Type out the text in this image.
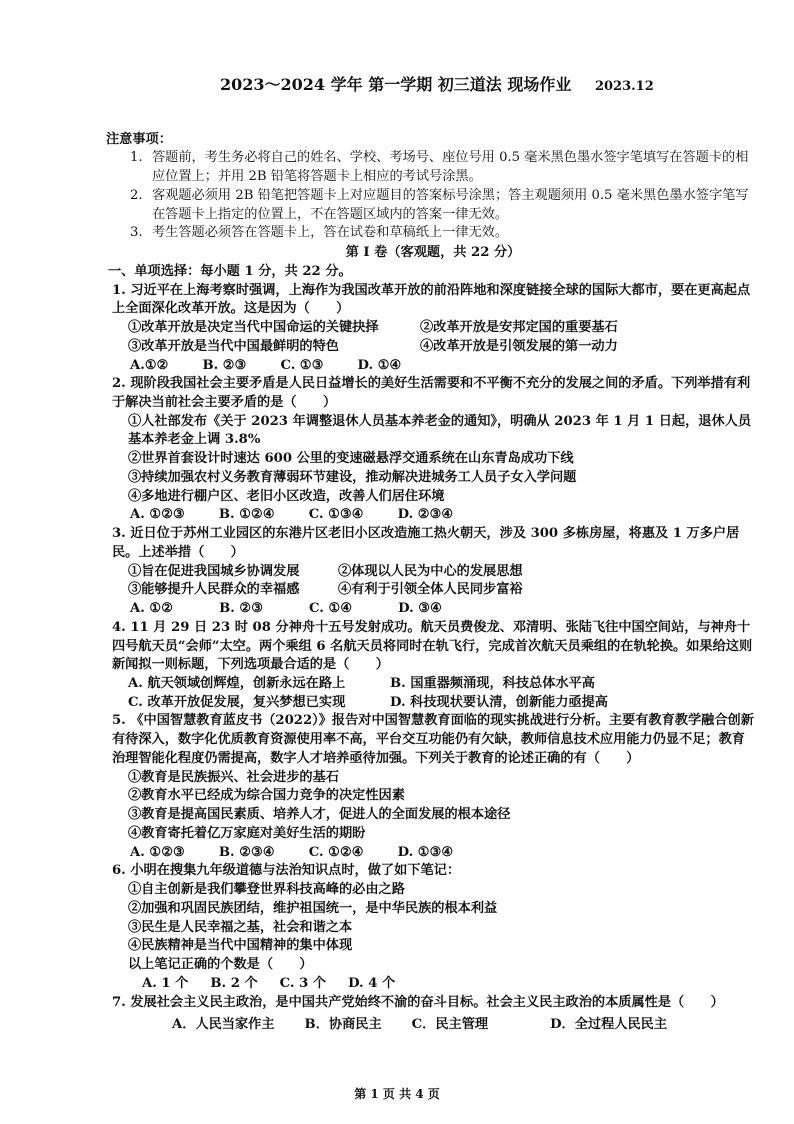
2023～2024 学年 第一学期 初三道法 现场作业 2023.12
注意事项：
1. 答题前，考生务必将自己的姓名、学校、考场号、座位号用 0.5 毫米黑色墨水签字笔填写在答题卡的相应位置上；并用 2B 铅笔将答题卡上相应的考试号涂黑。
2. 客观题必须用 2B 铅笔把答题卡上对应题目的答案标号涂黑；答主观题须用 0.5 毫米黑色墨水签字笔写在答题卡上指定的位置上，不在答题区域内的答案一律无效。
3. 考生答题必须答在答题卡上，答在试卷和草稿纸上一律无效。
第 Ⅰ 卷（客观题，共 22 分）
一、单项选择：每小题 1 分，共 22 分。
1. 习近平在上海考察时强调，上海作为我国改革开放的前沿阵地和深度链接全球的国际大都市，要在更高起点上全面深化改革开放。这是因为（　　）
①改革开放是决定当代中国命运的关键抉择	②改革开放是安邦定国的重要基石
③改革开放是当代中国最鲜明的特色	④改革开放是引领发展的第一动力
A.①②	B. ②③	C. ①③	D. ①④
2. 现阶段我国社会主要矛盾是人民日益增长的美好生活需要和不平衡不充分的发展之间的矛盾。下列举措有利于解决当前社会主要矛盾的是（　　）
①人社部发布《关于 2023 年调整退休人员基本养老金的通知》，明确从 2023 年 1 月 1 日起，退休人员基本养老金上调 3.8%
②世界首套设计时速达 600 公里的变速磁悬浮交通系统在山东青岛成功下线
③持续加强农村义务教育薄弱环节建设，推动解决进城务工人员子女入学问题
④多地进行棚户区、老旧小区改造，改善人们居住环境
A. ①②③	B. ①②④	C. ①③④	D. ②③④
3. 近日位于苏州工业园区的东港片区老旧小区改造施工热火朝天，涉及 300 多栋房屋，将惠及 1 万多户居民。上述举措（　　）
①旨在促进我国城乡协调发展	②体现以人民为中心的发展思想
③能够提升人民群众的幸福感	④有利于引领全体人民同步富裕
A. ①②	B. ②③	C. ①④	D. ③④
4. 11 月 29 日 23 时 08 分神舟十五号发射成功。航天员费俊龙、邓清明、张陆飞往中国空间站，与神舟十四号航天员“会师”太空。两个乘组 6 名航天员将同时在轨飞行，完成首次航天员乘组的在轨轮换。如果给这则新闻拟一则标题，下列选项最合适的是（　　）
A. 航天领域创辉煌，创新永远在路上	B. 国重器频涌现，科技总体水平高
C. 改革开放促发展，复兴梦想已实现	D. 科技现状要认清，创新能力亟提高
5. 《中国智慧教育蓝皮书（2022）》报告对中国智慧教育面临的现实挑战进行分析。主要有教育教学融合创新有待深入，数字化优质教育资源使用率不高，平台交互功能仍有欠缺，教师信息技术应用能力仍显不足；教育治理智能化程度仍需提高，数字人才培养亟待加强。下列关于教育的论述正确的有（　　）
①教育是民族振兴、社会进步的基石
②教育水平已经成为综合国力竞争的决定性因素
③教育是提高国民素质、培养人才，促进人的全面发展的根本途径
④教育寄托着亿万家庭对美好生活的期盼
A. ①②③	B. ②③④	C. ①②④	D. ①③④
6. 小明在搜集九年级道德与法治知识点时，做了如下笔记：
①自主创新是我们攀登世界科技高峰的必由之路
②加强和巩固民族团结，维护祖国统一，是中华民族的根本利益
③民生是人民幸福之基，社会和谐之本
④民族精神是当代中国精神的集中体现
以上笔记正确的个数是（　　）
A. 1 个 B. 2 个 C. 3 个 D. 4 个
7. 发展社会主义民主政治，是中国共产党始终不渝的奋斗目标。社会主义民主政治的本质属性是（　　）
A．人民当家作主 B．协商民主 C．民主管理	D．全过程人民民主
第 1 页 共 4 页
